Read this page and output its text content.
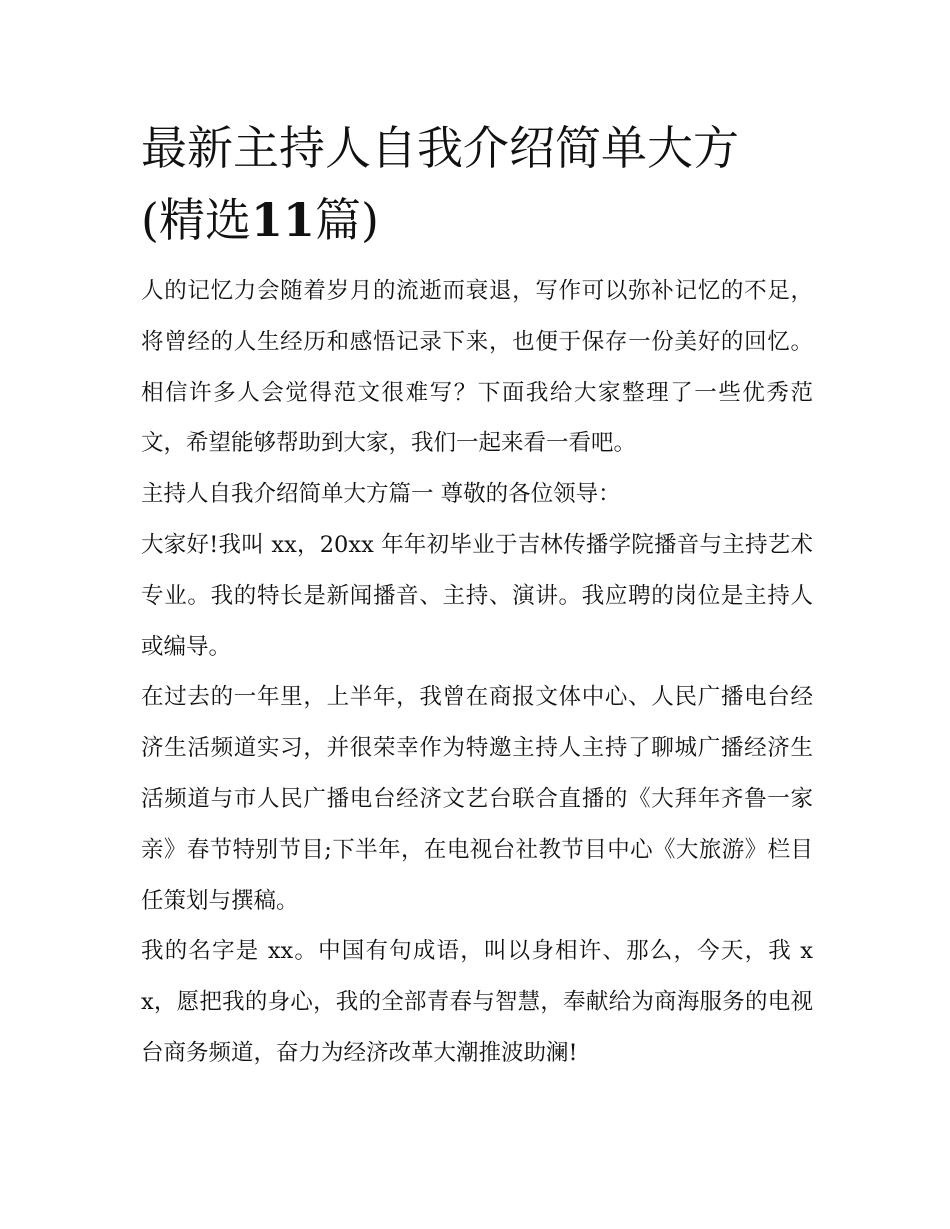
最新主持人自我介绍简单大方
(精选11篇)

人的记忆力会随着岁月的流逝而衰退，写作可以弥补记忆的不足，将曾经的人生经历和感悟记录下来，也便于保存一份美好的回忆。相信许多人会觉得范文很难写？下面我给大家整理了一些优秀范文，希望能够帮助到大家，我们一起来看一看吧。

主持人自我介绍简单大方篇一 尊敬的各位领导：

大家好!我叫 xx，20xx 年年初毕业于吉林传播学院播音与主持艺术专业。我的特长是新闻播音、主持、演讲。我应聘的岗位是主持人或编导。

在过去的一年里，上半年，我曾在商报文体中心、人民广播电台经济生活频道实习，并很荣幸作为特邀主持人主持了聊城广播经济生活频道与市人民广播电台经济文艺台联合直播的《大拜年齐鲁一家亲》春节特别节目;下半年，在电视台社教节目中心《大旅游》栏目任策划与撰稿。

我的名字是 xx。中国有句成语，叫以身相许、那么，今天，我 xx，愿把我的身心，我的全部青春与智慧，奉献给为商海服务的电视台商务频道，奋力为经济改革大潮推波助澜!
